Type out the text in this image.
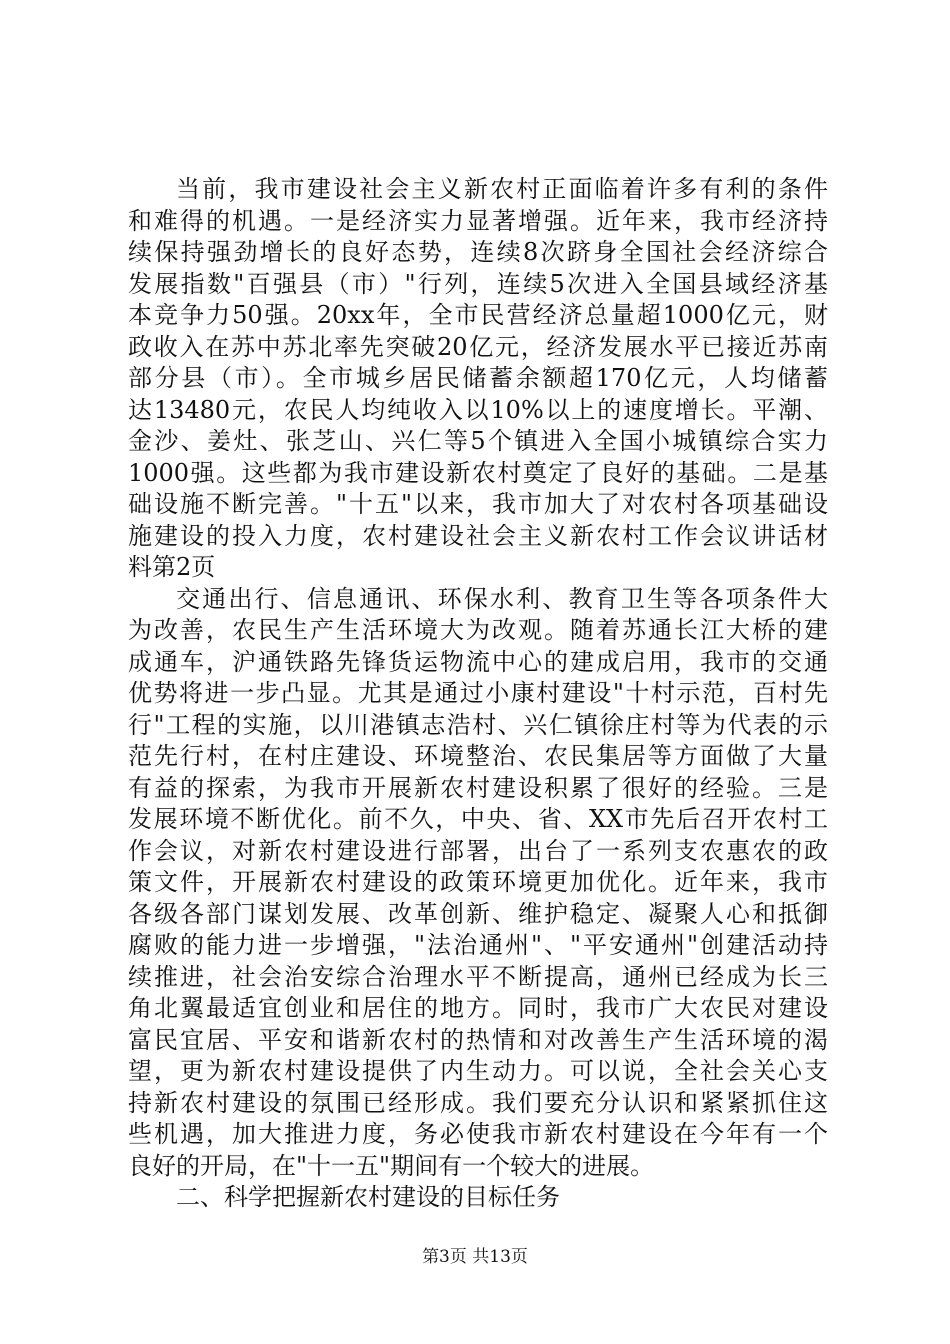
当前，我市建设社会主义新农村正面临着许多有利的条件
和难得的机遇。一是经济实力显著增强。近年来，我市经济持
续保持强劲增长的良好态势，连续8次跻身全国社会经济综合
发展指数"百强县（市）"行列，连续5次进入全国县域经济基
本竞争力50强。20xx年，全市民营经济总量超1000亿元，财
政收入在苏中苏北率先突破20亿元，经济发展水平已接近苏南
部分县（市）。全市城乡居民储蓄余额超170亿元，人均储蓄
达13480元，农民人均纯收入以10%以上的速度增长。平潮、
金沙、姜灶、张芝山、兴仁等5个镇进入全国小城镇综合实力
1000强。这些都为我市建设新农村奠定了良好的基础。二是基
础设施不断完善。"十五"以来，我市加大了对农村各项基础设
施建设的投入力度，农村建设社会主义新农村工作会议讲话材
料第2页
交通出行、信息通讯、环保水利、教育卫生等各项条件大
为改善，农民生产生活环境大为改观。随着苏通长江大桥的建
成通车，沪通铁路先锋货运物流中心的建成启用，我市的交通
优势将进一步凸显。尤其是通过小康村建设"十村示范，百村先
行"工程的实施，以川港镇志浩村、兴仁镇徐庄村等为代表的示
范先行村，在村庄建设、环境整治、农民集居等方面做了大量
有益的探索，为我市开展新农村建设积累了很好的经验。三是
发展环境不断优化。前不久，中央、省、XX市先后召开农村工
作会议，对新农村建设进行部署，出台了一系列支农惠农的政
策文件，开展新农村建设的政策环境更加优化。近年来，我市
各级各部门谋划发展、改革创新、维护稳定、凝聚人心和抵御
腐败的能力进一步增强，"法治通州"、"平安通州"创建活动持
续推进，社会治安综合治理水平不断提高，通州已经成为长三
角北翼最适宜创业和居住的地方。同时，我市广大农民对建设
富民宜居、平安和谐新农村的热情和对改善生产生活环境的渴
望，更为新农村建设提供了内生动力。可以说，全社会关心支
持新农村建设的氛围已经形成。我们要充分认识和紧紧抓住这
些机遇，加大推进力度，务必使我市新农村建设在今年有一个
良好的开局，在"十一五"期间有一个较大的进展。
二、科学把握新农村建设的目标任务
第3页 共13页
